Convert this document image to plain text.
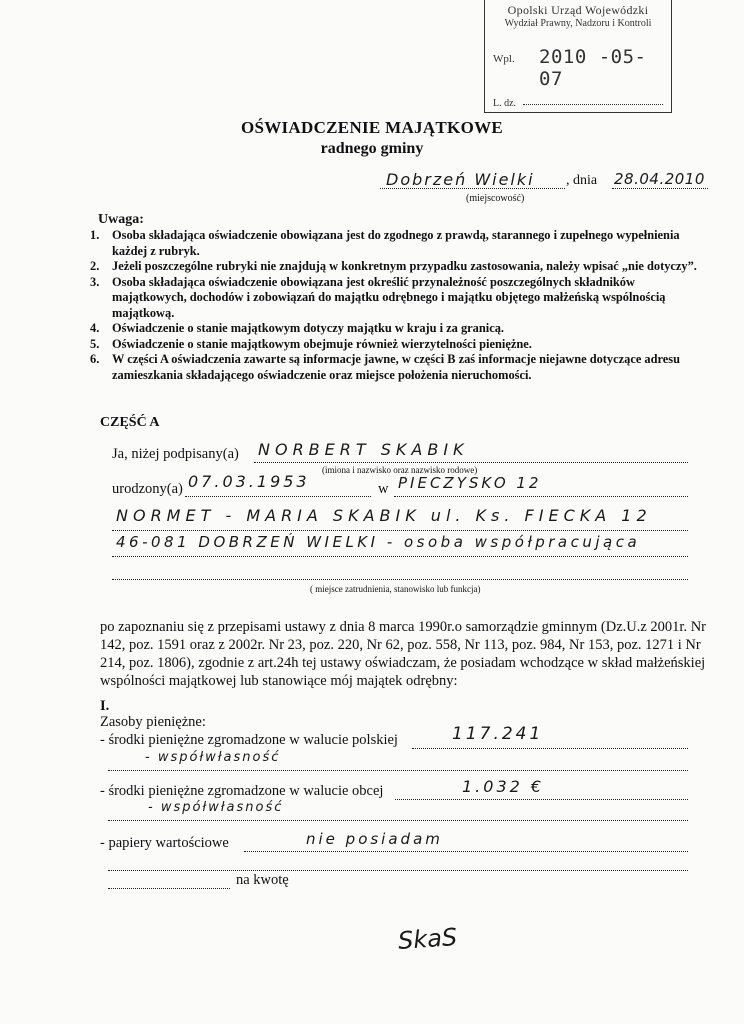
Opolski Urząd Wojewódzki
Wydział Prawny, Nadzoru i Kontroli
Wpl. 2010 -05- 07
L. dz.
OŚWIADCZENIE MAJĄTKOWE
radnego gminy
Dobrzeń Wielki , dnia 28.04.2010
(miejscowość)
Uwaga:
1. Osoba składająca oświadczenie obowiązana jest do zgodnego z prawdą, starannego i zupełnego wypełnienia każdej z rubryk.
2. Jeżeli poszczególne rubryki nie znajdują w konkretnym przypadku zastosowania, należy wpisać „nie dotyczy”.
3. Osoba składająca oświadczenie obowiązana jest określić przynależność poszczególnych składników majątkowych, dochodów i zobowiązań do majątku odrębnego i majątku objętego małżeńską wspólnością majątkową.
4. Oświadczenie o stanie majątkowym dotyczy majątku w kraju i za granicą.
5. Oświadczenie o stanie majątkowym obejmuje również wierzytelności pieniężne.
6. W części A oświadczenia zawarte są informacje jawne, w części B zaś informacje niejawne dotyczące adresu zamieszkania składającego oświadczenie oraz miejsce położenia nieruchomości.
CZĘŚĆ A
Ja, niżej podpisany(a) NORBERT SKABIK
(imiona i nazwisko oraz nazwisko rodowe)
urodzony(a) 07.03.1953	w PIECZYSKO 12
NORMET - MARIA SKABIK ul. Ks. FIECKA 12
46-081 DOBRZEŃ WIELKI - osoba współpracująca
( miejsce zatrudnienia, stanowisko lub funkcja)
po zapoznaniu się z przepisami ustawy z dnia 8 marca 1990r.o samorządzie gminnym (Dz.U.z 2001r. Nr 142, poz. 1591 oraz z 2002r. Nr 23, poz. 220, Nr 62, poz. 558, Nr 113, poz. 984, Nr 153, poz. 1271 i Nr 214, poz. 1806), zgodnie z art.24h tej ustawy oświadczam, że posiadam wchodzące w skład małżeńskiej wspólności majątkowej lub stanowiące mój majątek odrębny:
I.
Zasoby pieniężne:
- środki pieniężne zgromadzone w walucie polskiej	117.241
- współwłasność
- środki pieniężne zgromadzone w walucie obcej	1.032 €
- współwłasność
- papiery wartościowe	nie posiadam
na kwotę
SkaS
